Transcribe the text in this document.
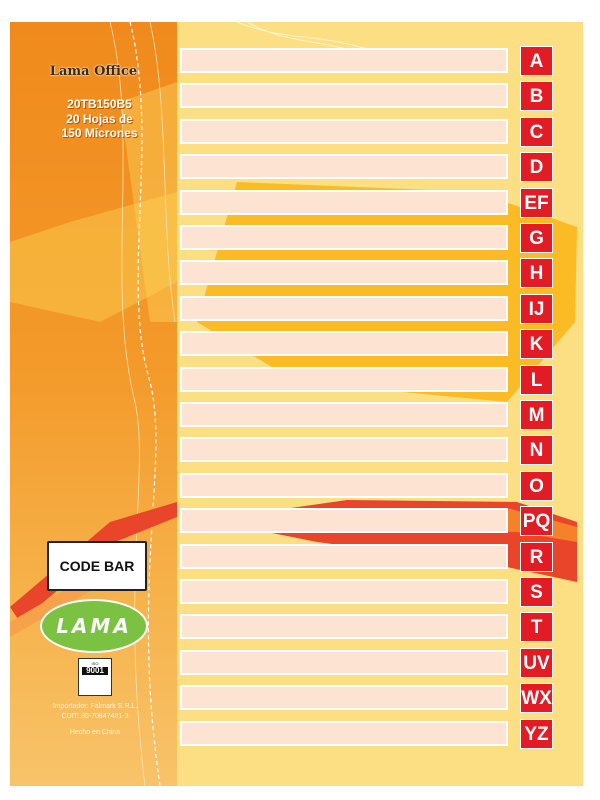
Lama Office
20TB150B5
20 Hojas de
150 Micrones
CODE BAR
LAMA
ISO
9001
Importador: Falmark S.R.L.
CUIT: 30-70847481-3
Hecho en China
A
B
C
D
EF
G
H
IJ
K
L
M
N
O
PQ
R
S
T
UV
WX
YZ
